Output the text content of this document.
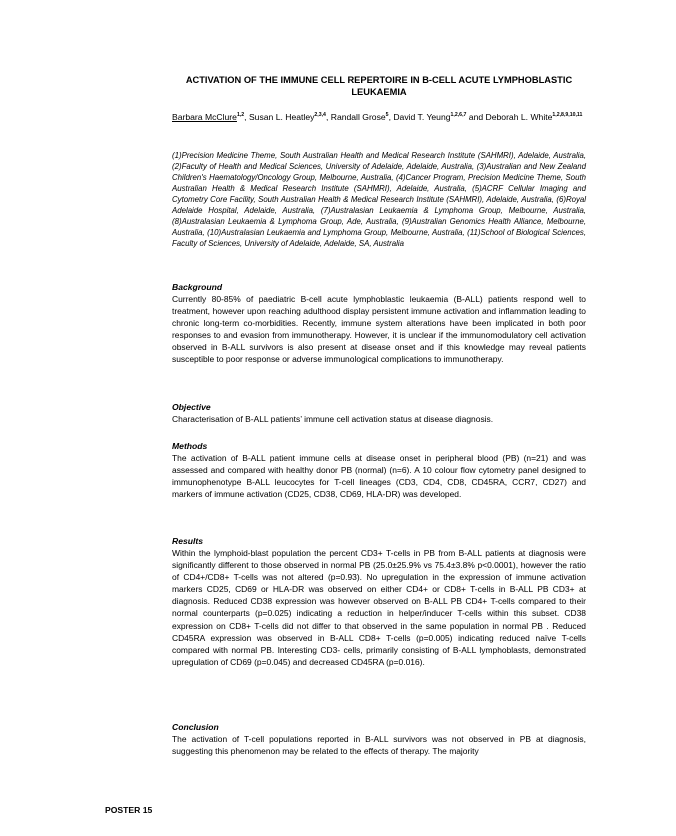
ACTIVATION OF THE IMMUNE CELL REPERTOIRE IN B-CELL ACUTE LYMPHOBLASTIC LEUKAEMIA
Barbara McClure$^{1,2}$, Susan L. Heatley$^{2,3,4}$, Randall Grose$^5$, David T. Yeung$^{1,2,6,7}$ and Deborah L. White$^{1,2,8,9,10,11}$
(1)Precision Medicine Theme, South Australian Health and Medical Research Institute (SAHMRI), Adelaide, Australia, (2)Faculty of Health and Medical Sciences, University of Adelaide, Adelaide, Australia, (3)Australian and New Zealand Children's Haematology/Oncology Group, Melbourne, Australia, (4)Cancer Program, Precision Medicine Theme, South Australian Health & Medical Research Institute (SAHMRI), Adelaide, Australia, (5)ACRF Cellular Imaging and Cytometry Core Facility, South Australian Health & Medical Research Institute (SAHMRI), Adelaide, Australia, (6)Royal Adelaide Hospital, Adelaide, Australia, (7)Australasian Leukaemia & Lymphoma Group, Melbourne, Australia, (8)Australasian Leukaemia & Lymphoma Group, Ade, Australia, (9)Australian Genomics Health Alliance, Melbourne, Australia, (10)Australasian Leukaemia and Lymphoma Group, Melbourne, Australia, (11)School of Biological Sciences, Faculty of Sciences, University of Adelaide, Adelaide, SA, Australia
Background

Currently 80-85% of paediatric B-cell acute lymphoblastic leukaemia (B-ALL) patients respond well to treatment, however upon reaching adulthood display persistent immune activation and inflammation leading to chronic long-term co-morbidities. Recently, immune system alterations have been implicated in both poor responses to and evasion from immunotherapy. However, it is unclear if the immunomodulatory cell activation observed in B-ALL survivors is also present at disease onset and if this knowledge may reveal patients susceptible to poor response or adverse immunological complications to immunotherapy.

Objective

Characterisation of B-ALL patients’ immune cell activation status at disease diagnosis.

Methods

The activation of B-ALL patient immune cells at disease onset in peripheral blood (PB) (n=21) and was assessed and compared with healthy donor PB (normal) (n=6). A 10 colour flow cytometry panel designed to immunophenotype B-ALL leucocytes for T-cell lineages (CD3, CD4, CD8, CD45RA, CCR7, CD27) and markers of immune activation (CD25, CD38, CD69, HLA-DR) was developed.

Results

Within the lymphoid-blast population the percent CD3+ T-cells in PB from B-ALL patients at diagnosis were significantly different to those observed in normal PB (25.0±25.9% vs 75.4±3.8% p<0.0001), however the ratio of CD4+/CD8+ T-cells was not altered (p=0.93). No upregulation in the expression of immune activation markers CD25, CD69 or HLA-DR was observed on either CD4+ or CD8+ T-cells in B-ALL PB CD3+ at diagnosis. Reduced CD38 expression was however observed on B-ALL PB CD4+ T-cells compared to their normal counterparts (p=0.025) indicating a reduction in helper/inducer T-cells within this subset. CD38 expression on CD8+ T-cells did not differ to that observed in the same population in normal PB . Reduced CD45RA expression was observed in B-ALL CD8+ T-cells (p=0.005) indicating reduced naïve T-cells compared with normal PB. Interesting CD3- cells, primarily consisting of B-ALL lymphoblasts, demonstrated upregulation of CD69 (p=0.045) and decreased CD45RA (p=0.016).

Conclusion

The activation of T-cell populations reported in B-ALL survivors was not observed in PB at diagnosis, suggesting this phenomenon may be related to the effects of therapy. The majority

POSTER 15
